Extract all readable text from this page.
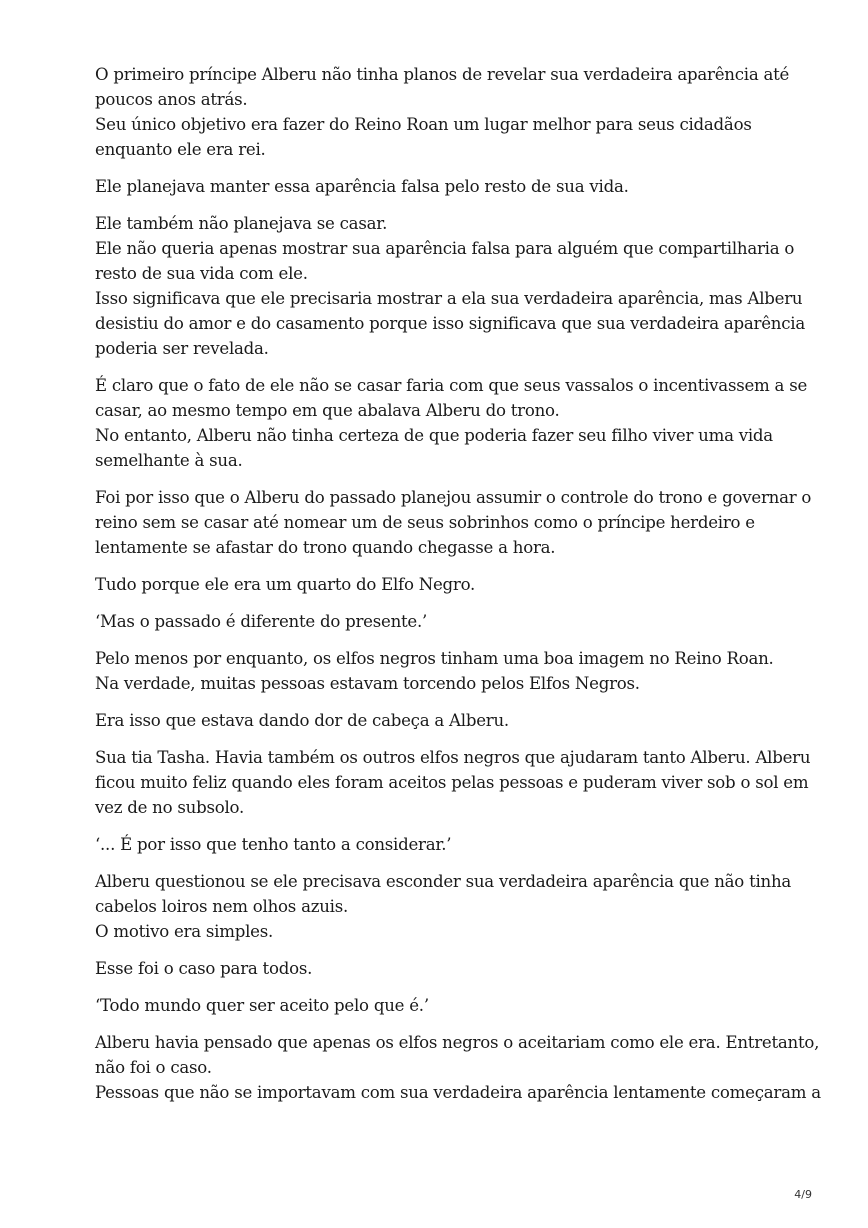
O primeiro príncipe Alberu não tinha planos de revelar sua verdadeira aparência até
poucos anos atrás.
Seu único objetivo era fazer do Reino Roan um lugar melhor para seus cidadãos
enquanto ele era rei.

Ele planejava manter essa aparência falsa pelo resto de sua vida.

Ele também não planejava se casar.
Ele não queria apenas mostrar sua aparência falsa para alguém que compartilharia o
resto de sua vida com ele.
Isso significava que ele precisaria mostrar a ela sua verdadeira aparência, mas Alberu
desistiu do amor e do casamento porque isso significava que sua verdadeira aparência
poderia ser revelada.

É claro que o fato de ele não se casar faria com que seus vassalos o incentivassem a se
casar, ao mesmo tempo em que abalava Alberu do trono.
No entanto, Alberu não tinha certeza de que poderia fazer seu filho viver uma vida
semelhante à sua.

Foi por isso que o Alberu do passado planejou assumir o controle do trono e governar o
reino sem se casar até nomear um de seus sobrinhos como o príncipe herdeiro e
lentamente se afastar do trono quando chegasse a hora.

Tudo porque ele era um quarto do Elfo Negro.

‘Mas o passado é diferente do presente.’

Pelo menos por enquanto, os elfos negros tinham uma boa imagem no Reino Roan.
Na verdade, muitas pessoas estavam torcendo pelos Elfos Negros.

Era isso que estava dando dor de cabeça a Alberu.

Sua tia Tasha. Havia também os outros elfos negros que ajudaram tanto Alberu. Alberu
ficou muito feliz quando eles foram aceitos pelas pessoas e puderam viver sob o sol em
vez de no subsolo.

‘... É por isso que tenho tanto a considerar.’

Alberu questionou se ele precisava esconder sua verdadeira aparência que não tinha
cabelos loiros nem olhos azuis.
O motivo era simples.

Esse foi o caso para todos.

‘Todo mundo quer ser aceito pelo que é.’

Alberu havia pensado que apenas os elfos negros o aceitariam como ele era. Entretanto,
não foi o caso.
Pessoas que não se importavam com sua verdadeira aparência lentamente começaram a

4/9
